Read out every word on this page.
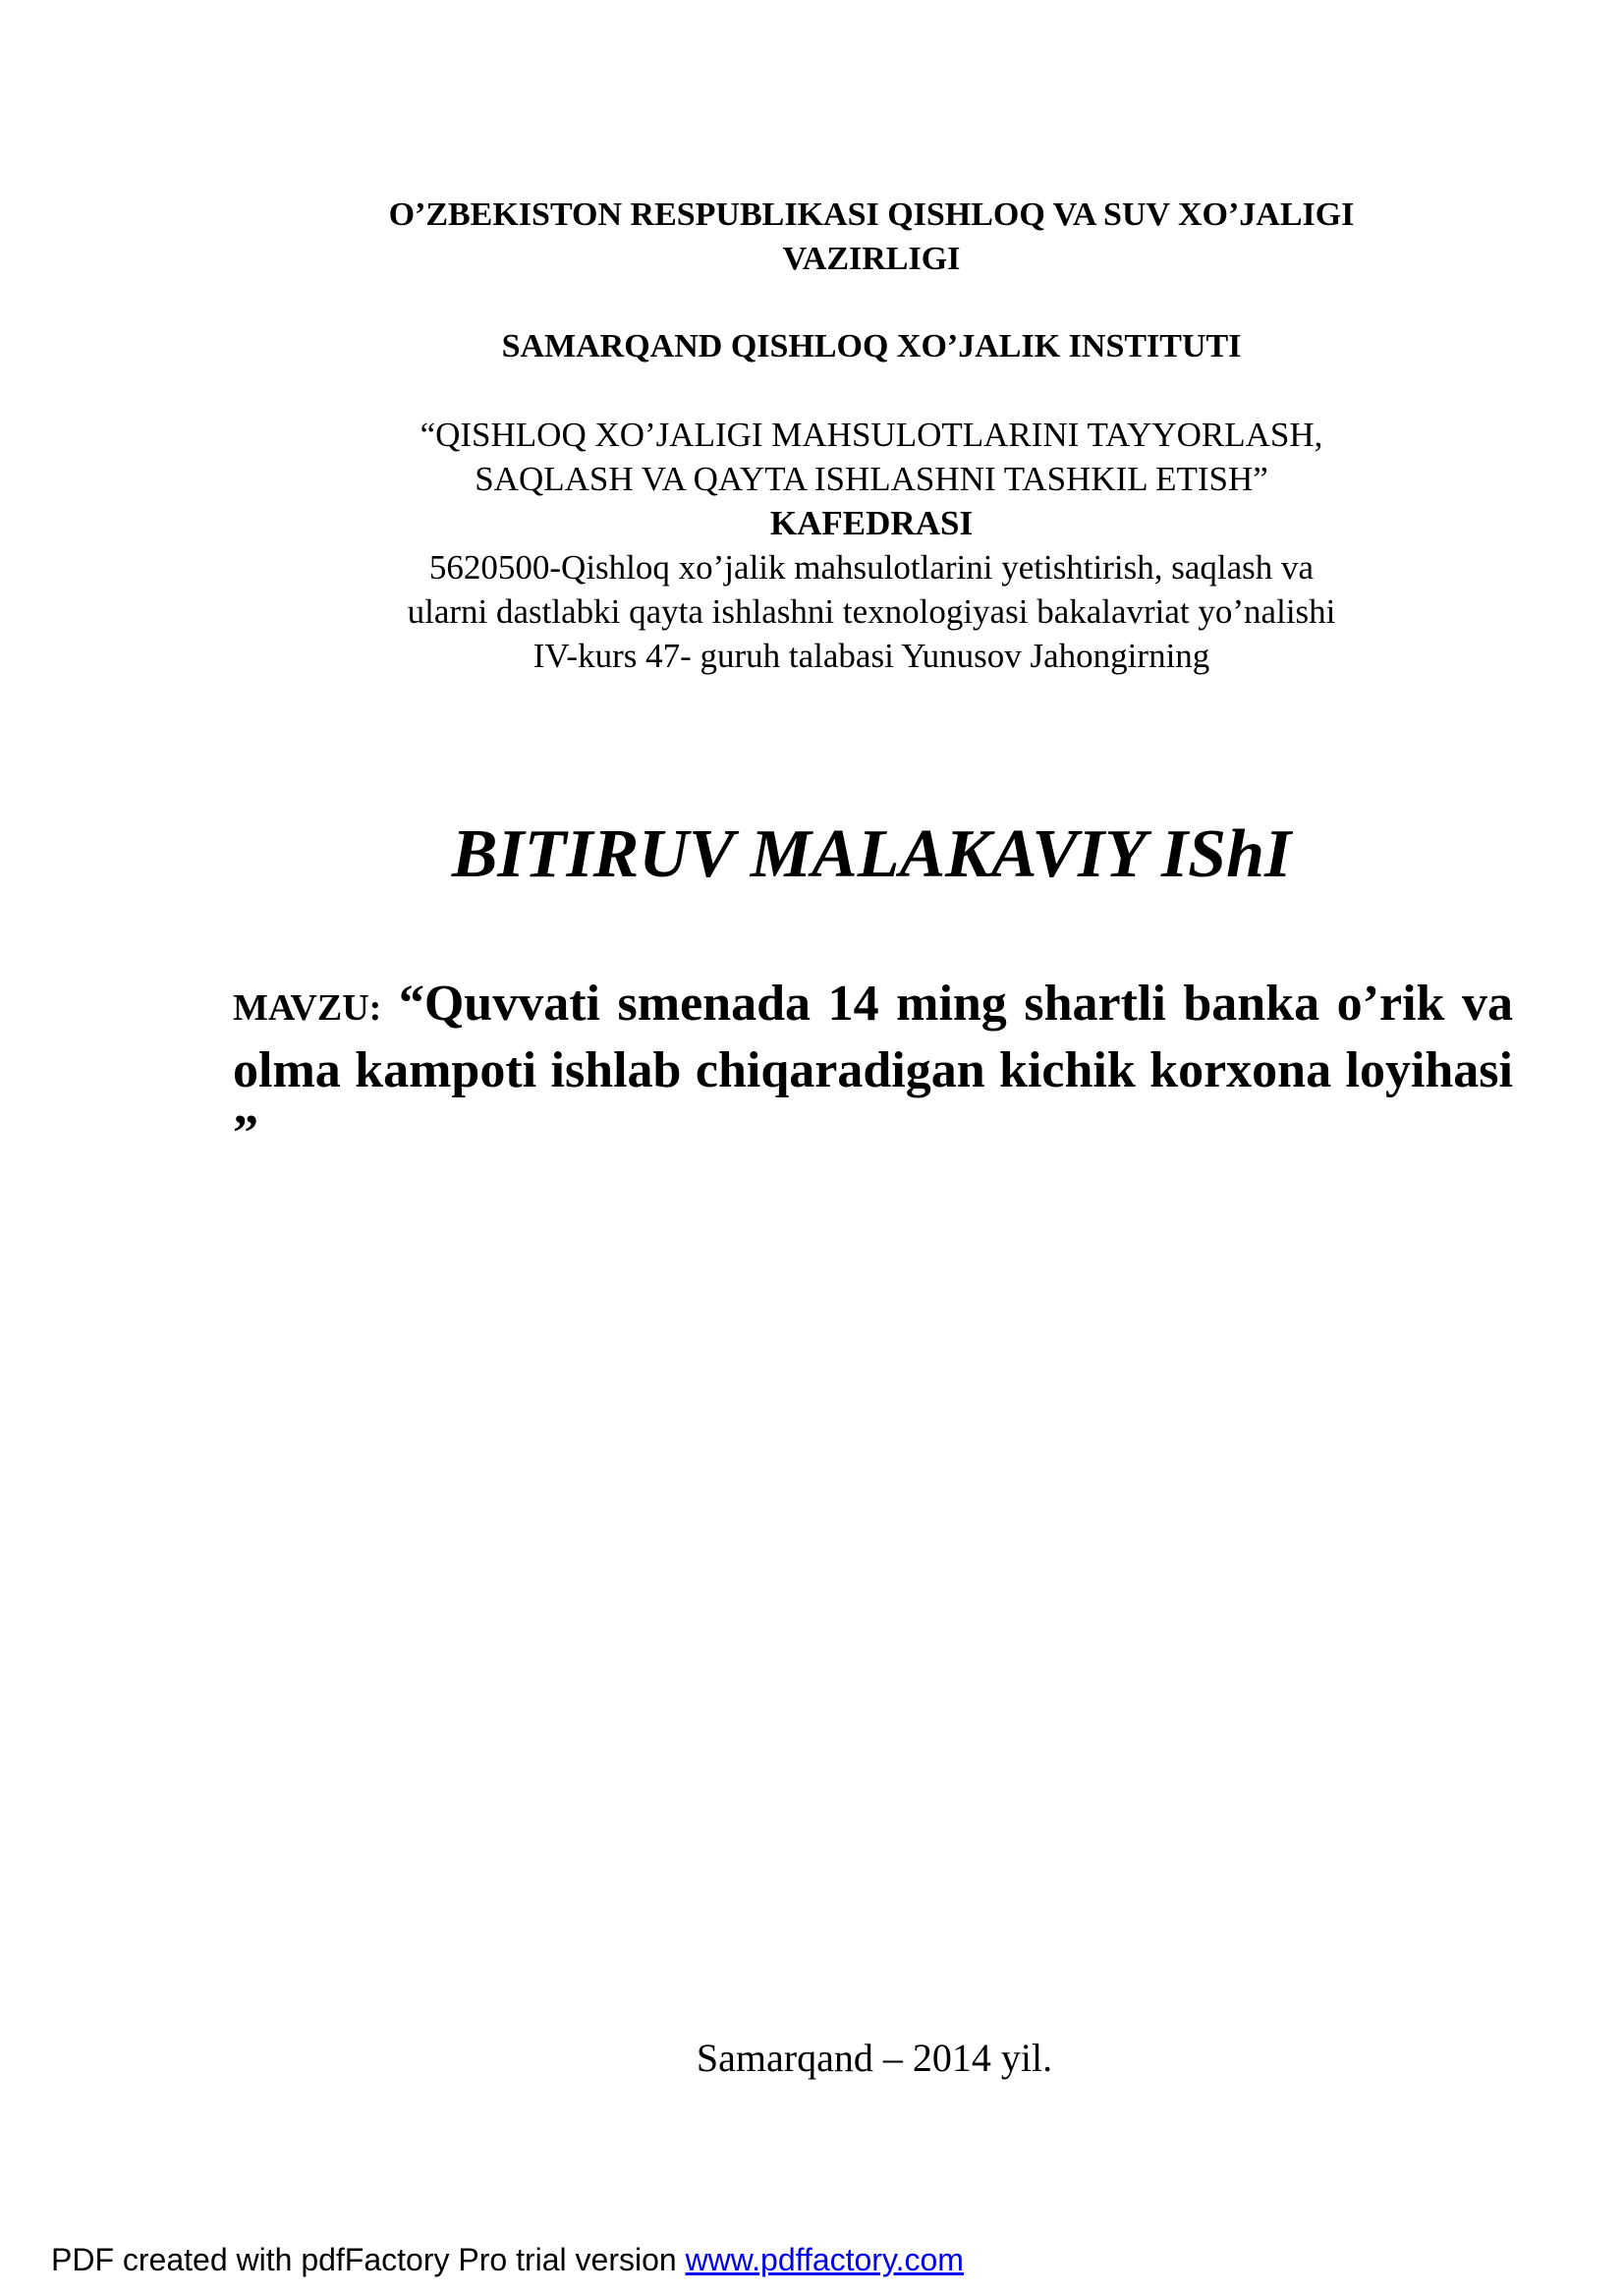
O’ZBEKISTON RESPUBLIKASI QISHLOQ VA SUV XO’JALIGI
VAZIRLIGI
SAMARQAND QISHLOQ XO’JALIK INSTITUTI
“QISHLOQ XO’JALIGI MAHSULOTLARINI TAYYORLASH,
SAQLASH VA QAYTA ISHLASHNI TASHKIL ETISH”
KAFEDRASI
5620500-Qishloq xo’jalik mahsulotlarini yetishtirish, saqlash va
ularni dastlabki qayta ishlashni texnologiyasi bakalavriat yo’nalishi
IV-kurs 47- guruh talabasi Yunusov Jahongirning
BITIRUV MALAKAVIY IShI
MAVZU: “Quvvati smenada 14 ming shartli banka o’rik va olma kampoti ishlab chiqaradigan kichik korxona loyihasi ”
Samarqand – 2014 yil.
PDF created with pdfFactory Pro trial version www.pdffactory.com
